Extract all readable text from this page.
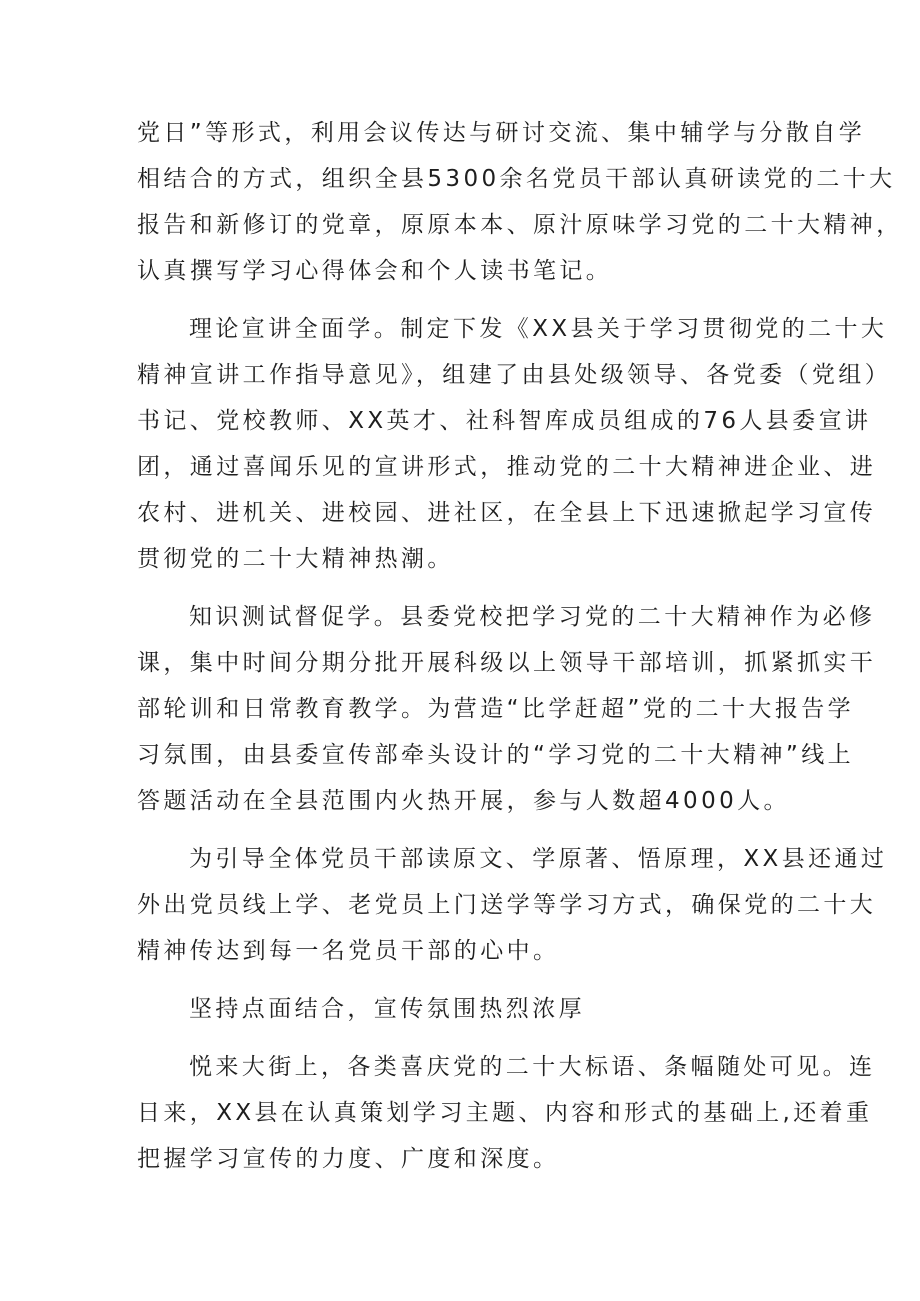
党日”等形式，利用会议传达与研讨交流、集中辅学与分散自学
相结合的方式，组织全县5300余名党员干部认真研读党的二十大
报告和新修订的党章，原原本本、原汁原味学习党的二十大精神，
认真撰写学习心得体会和个人读书笔记。
理论宣讲全面学。制定下发《XX县关于学习贯彻党的二十大
精神宣讲工作指导意见》，组建了由县处级领导、各党委（党组）
书记、党校教师、XX英才、社科智库成员组成的76人县委宣讲
团，通过喜闻乐见的宣讲形式，推动党的二十大精神进企业、进
农村、进机关、进校园、进社区，在全县上下迅速掀起学习宣传
贯彻党的二十大精神热潮。
知识测试督促学。县委党校把学习党的二十大精神作为必修
课，集中时间分期分批开展科级以上领导干部培训，抓紧抓实干
部轮训和日常教育教学。为营造“比学赶超”党的二十大报告学
习氛围，由县委宣传部牵头设计的“学习党的二十大精神”线上
答题活动在全县范围内火热开展，参与人数超4000人。
为引导全体党员干部读原文、学原著、悟原理，XX县还通过
外出党员线上学、老党员上门送学等学习方式，确保党的二十大
精神传达到每一名党员干部的心中。
坚持点面结合，宣传氛围热烈浓厚
悦来大街上，各类喜庆党的二十大标语、条幅随处可见。连
日来，XX县在认真策划学习主题、内容和形式的基础上,还着重
把握学习宣传的力度、广度和深度。
